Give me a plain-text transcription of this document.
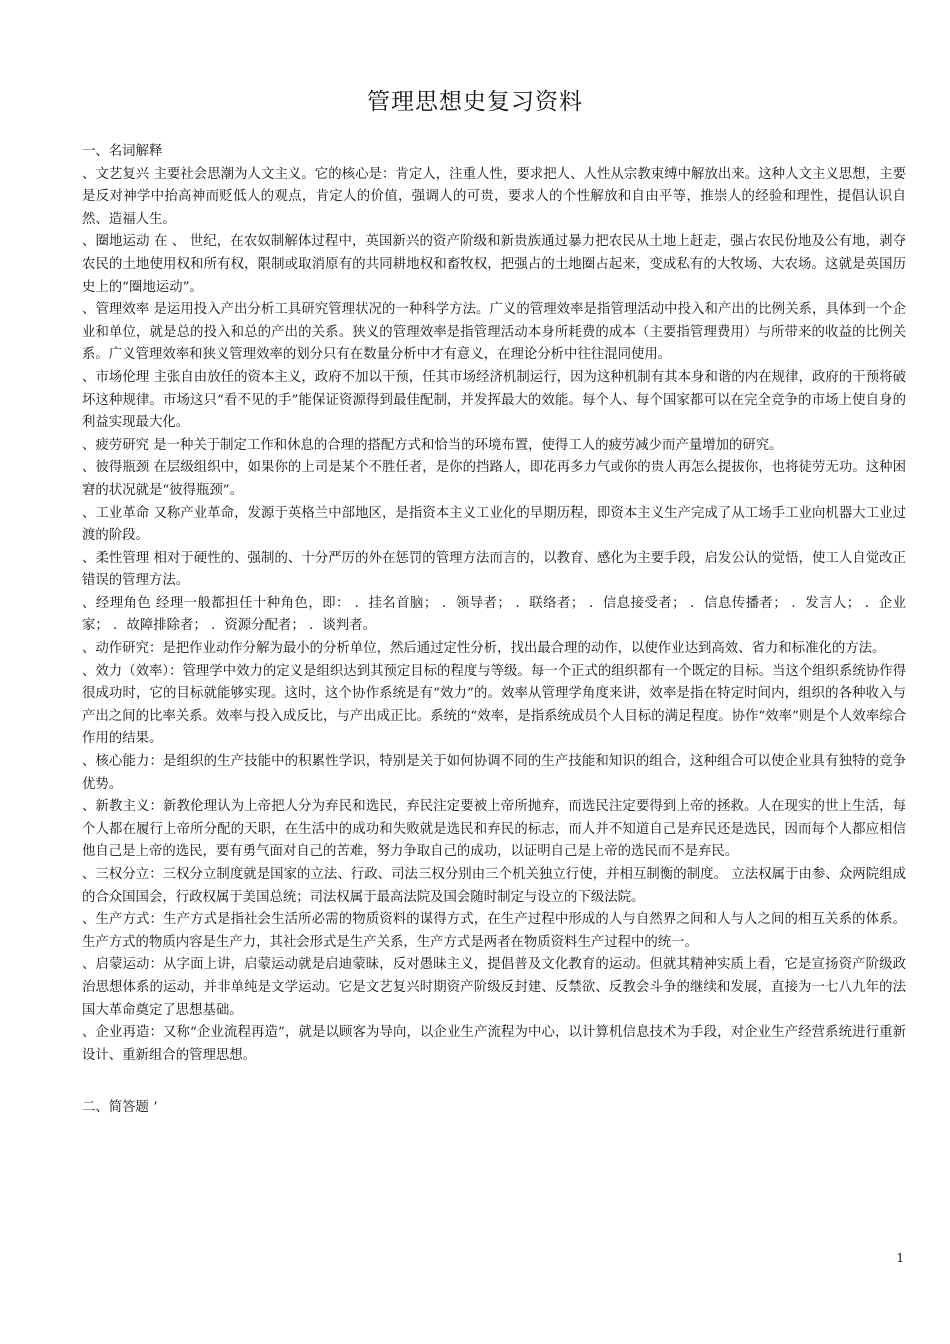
管理思想史复习资料

一、名词解释

、文艺复兴 主要社会思潮为人文主义。它的核心是：肯定人，注重人性，要求把人、人性从宗教束缚中解放出来。这种人文主义思想，主要是反对神学中抬高神而贬低人的观点，肯定人的价值，强调人的可贵，要求人的个性解放和自由平等，推崇人的经验和理性，提倡认识自然、造福人生。

、圈地运动 在 、 世纪，在农奴制解体过程中，英国新兴的资产阶级和新贵族通过暴力把农民从土地上赶走，强占农民份地及公有地，剥夺农民的土地使用权和所有权，限制或取消原有的共同耕地权和畜牧权，把强占的土地圈占起来，变成私有的大牧场、大农场。这就是英国历史上的“圈地运动”。

、管理效率 是运用投入产出分析工具研究管理状况的一种科学方法。广义的管理效率是指管理活动中投入和产出的比例关系，具体到一个企业和单位，就是总的投入和总的产出的关系。狭义的管理效率是指管理活动本身所耗费的成本（主要指管理费用）与所带来的收益的比例关系。广义管理效率和狭义管理效率的划分只有在数量分析中才有意义，在理论分析中往往混同使用。

、市场伦理 主张自由放任的资本主义，政府不加以干预，任其市场经济机制运行，因为这种机制有其本身和谐的内在规律，政府的干预将破坏这种规律。市场这只“看不见的手”能保证资源得到最佳配制，并发挥最大的效能。每个人、每个国家都可以在完全竞争的市场上使自身的利益实现最大化。

、疲劳研究 是一种关于制定工作和休息的合理的搭配方式和恰当的环境布置，使得工人的疲劳减少而产量增加的研究。

、彼得瓶颈 在层级组织中，如果你的上司是某个不胜任者，是你的挡路人，即花再多力气或你的贵人再怎么提拔你，也将徒劳无功。这种困窘的状况就是“彼得瓶颈”。

、工业革命 又称产业革命，发源于英格兰中部地区，是指资本主义工业化的早期历程，即资本主义生产完成了从工场手工业向机器大工业过渡的阶段。

、柔性管理 相对于硬性的、强制的、十分严厉的外在惩罚的管理方法而言的，以教育、感化为主要手段，启发公认的觉悟，使工人自觉改正错误的管理方法。

、经理角色 经理一般都担任十种角色，即： ．挂名首脑； ．领导者； ．联络者； ．信息接受者； ．信息传播者； ．发言人； ．企业家； ．故障排除者； ．资源分配者； ．谈判者。

、动作研究：是把作业动作分解为最小的分析单位，然后通过定性分析，找出最合理的动作，以使作业达到高效、省力和标准化的方法。

、效力（效率）：管理学中效力的定义是组织达到其预定目标的程度与等级。每一个正式的组织都有一个既定的目标。当这个组织系统协作得很成功时，它的目标就能够实现。这时，这个协作系统是有“效力”的。效率从管理学角度来讲，效率是指在特定时间内，组织的各种收入与产出之间的比率关系。效率与投入成反比，与产出成正比。系统的“效率，是指系统成员个人目标的满足程度。协作“效率”则是个人效率综合作用的结果。

、核心能力：是组织的生产技能中的积累性学识，特别是关于如何协调不同的生产技能和知识的组合，这种组合可以使企业具有独特的竞争优势。

、新教主义：新教伦理认为上帝把人分为弃民和选民，弃民注定要被上帝所抛弃，而选民注定要得到上帝的拯救。人在现实的世上生活，每个人都在履行上帝所分配的天职，在生活中的成功和失败就是选民和弃民的标志，而人并不知道自己是弃民还是选民，因而每个人都应相信他自己是上帝的选民，要有勇气面对自己的苦难，努力争取自己的成功，以证明自己是上帝的选民而不是弃民。

、三权分立：三权分立制度就是国家的立法、行政、司法三权分别由三个机关独立行使，并相互制衡的制度。 立法权属于由参、众两院组成的合众国国会，行政权属于美国总统；司法权属于最高法院及国会随时制定与设立的下级法院。

、生产方式：生产方式是指社会生活所必需的物质资料的谋得方式，在生产过程中形成的人与自然界之间和人与人之间的相互关系的体系。生产方式的物质内容是生产力，其社会形式是生产关系，生产方式是两者在物质资料生产过程中的统一。

、启蒙运动：从字面上讲，启蒙运动就是启迪蒙昧，反对愚昧主义，提倡普及文化教育的运动。但就其精神实质上看，它是宣扬资产阶级政治思想体系的运动，并非单纯是文学运动。它是文艺复兴时期资产阶级反封建、反禁欲、反教会斗争的继续和发展，直接为一七八九年的法国大革命奠定了思想基础。

、企业再造：又称“企业流程再造”，就是以顾客为导向，以企业生产流程为中心，以计算机信息技术为手段，对企业生产经营系统进行重新设计、重新组合的管理思想。

二、简答题 ’

1
